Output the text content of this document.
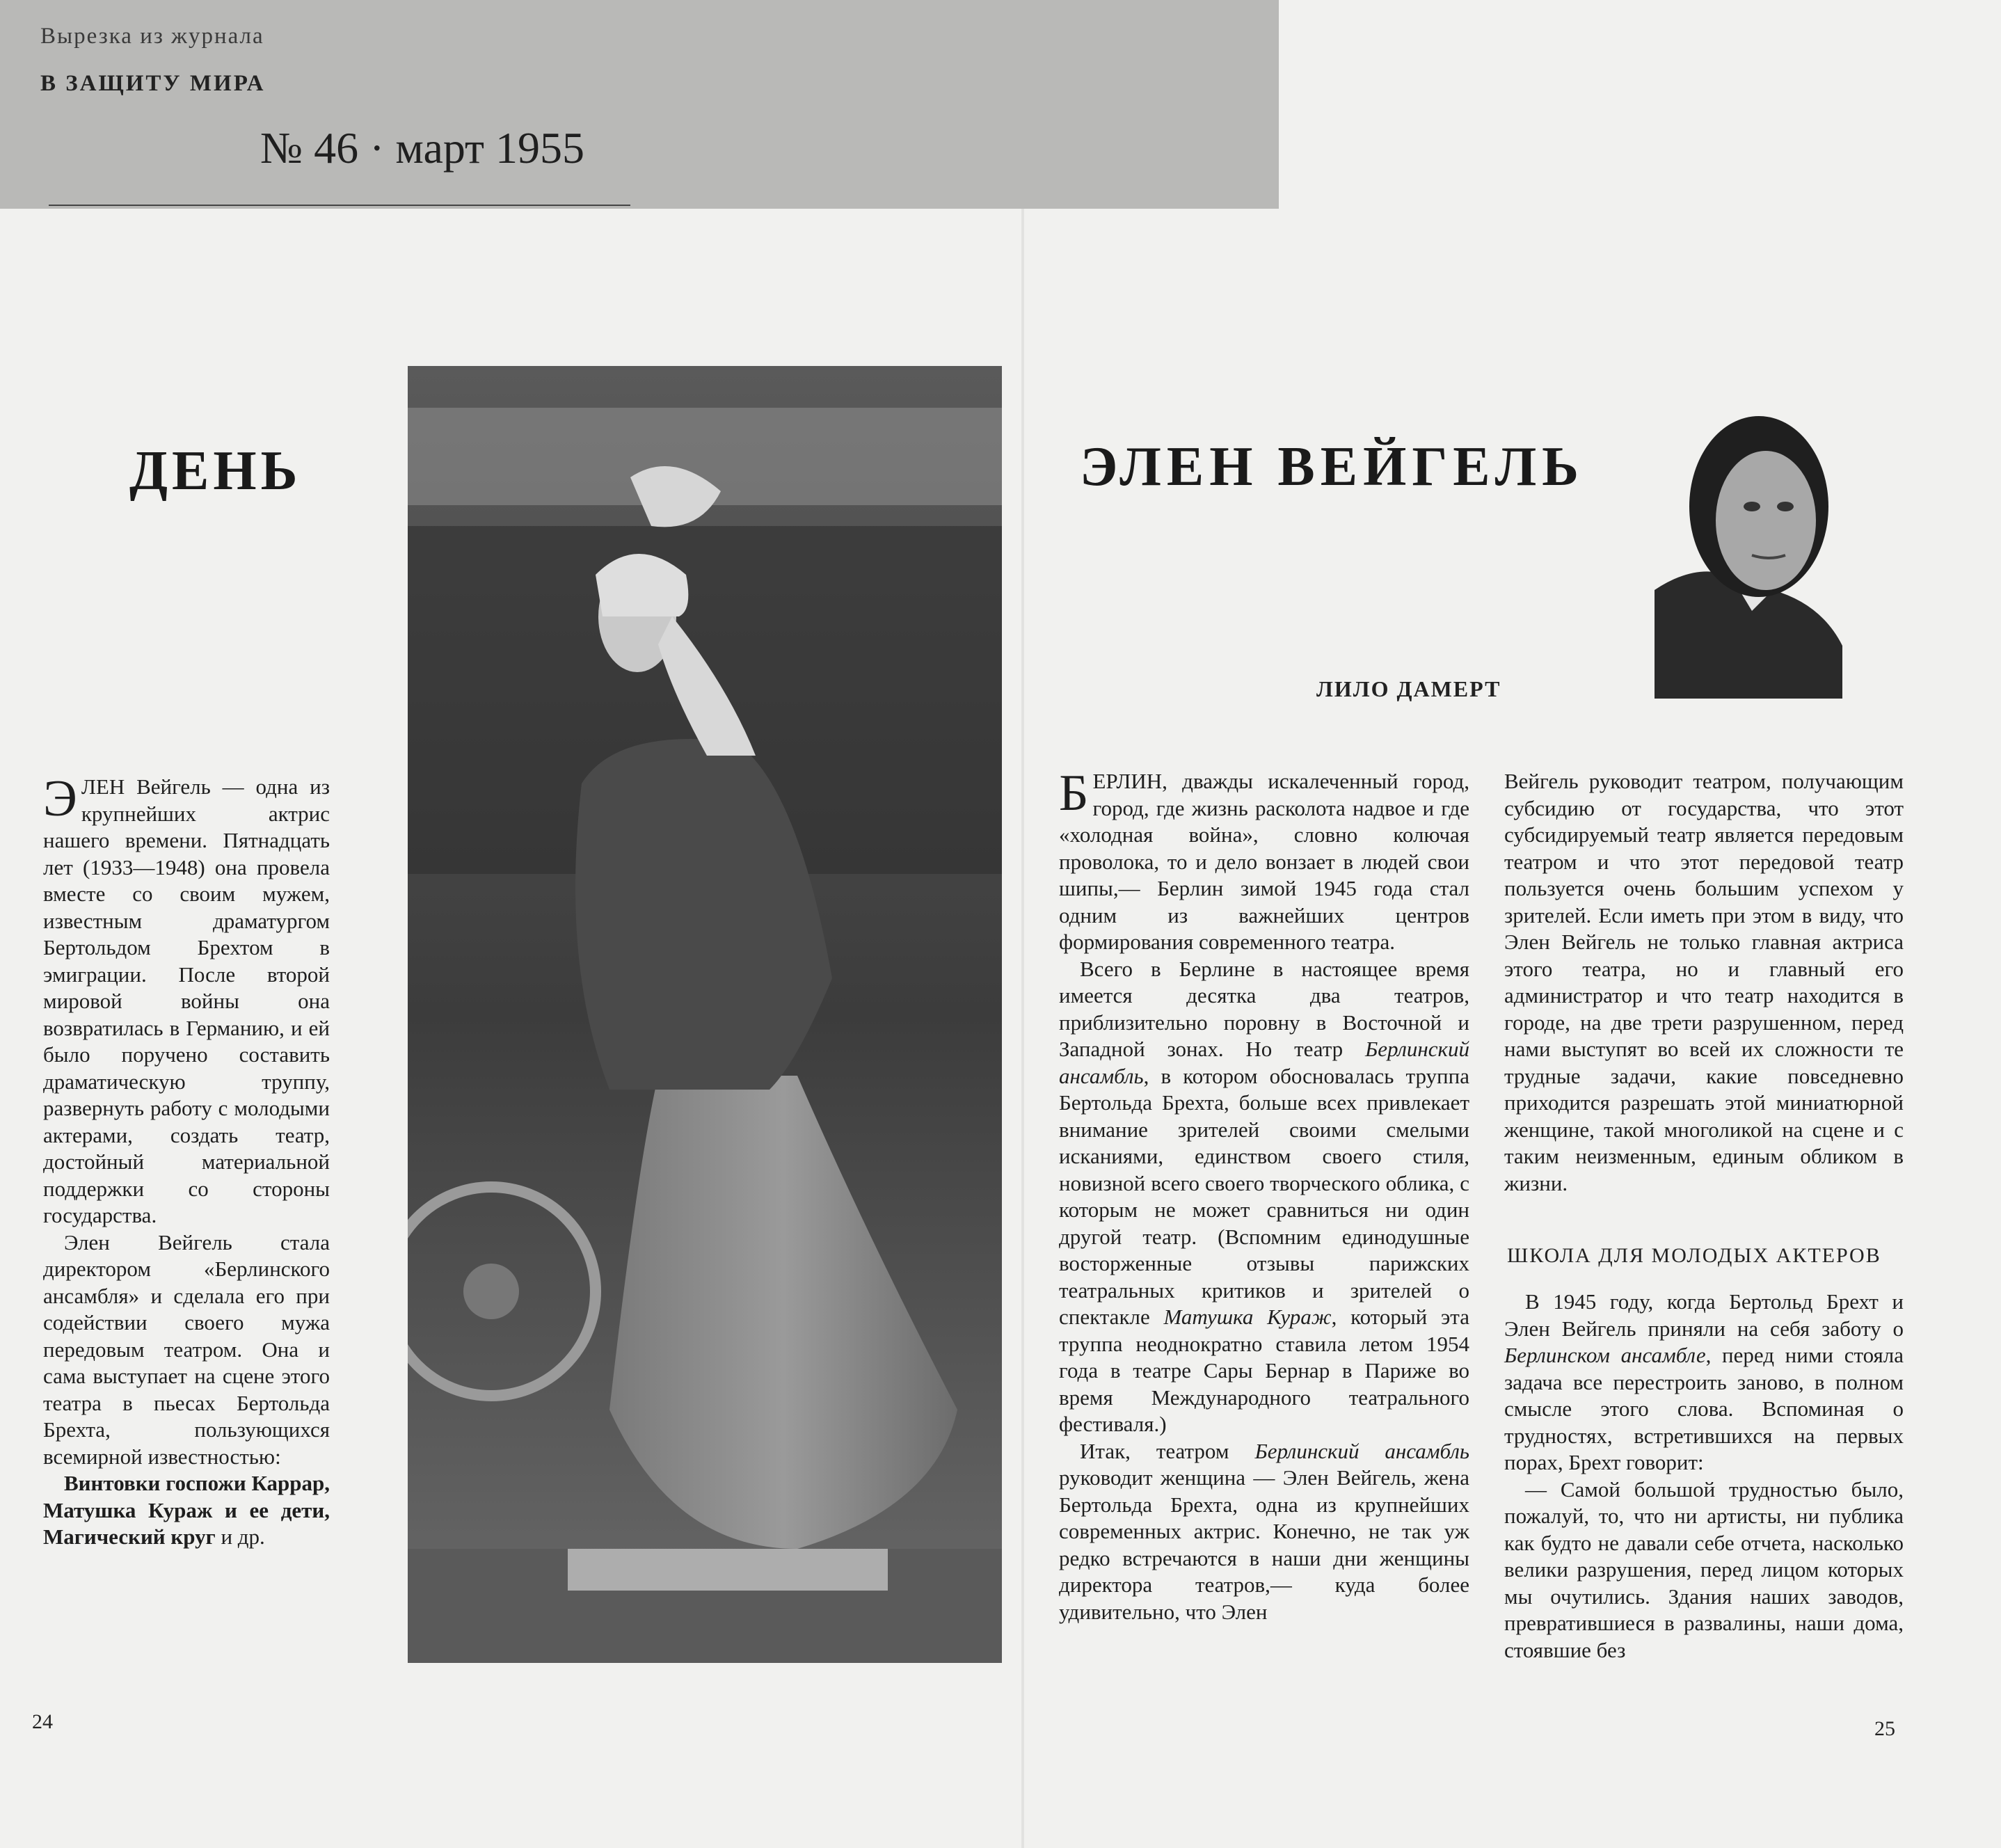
Вырезка из журнала
В ЗАЩИТУ МИРА
№ 46 · март 1955
ДЕНЬ

ЭЛЕН Вейгель — одна из крупнейших актрис нашего времени. Пятнадцать лет (1933—1948) она провела вместе со своим мужем, известным драматургом Бертольдом Брехтом в эмиграции. После второй мировой войны она возвратилась в Германию, и ей было поручено составить драматическую труппу, развернуть работу с молодыми актерами, создать театр, достойный материальной поддержки со стороны государства.

Элен Вейгель стала директором «Берлинского ансамбля» и сделала его при содействии своего мужа передовым театром. Она и сама выступает на сцене этого театра в пьесах Бертольда Брехта, пользующихся всемирной известностью:

Винтовки госпожи Каррар, Матушка Кураж и ее дети, Магический круг и др.

24
ЭЛЕН ВЕЙГЕЛЬ
ЛИЛО ДАМЕРТ

БЕРЛИН, дважды искалеченный город, город, где жизнь расколота надвое и где «холодная война», словно колючая проволока, то и дело вонзает в людей свои шипы,— Берлин зимой 1945 года стал одним из важнейших центров формирования современного театра.

Всего в Берлине в настоящее время имеется десятка два театров, приблизительно поровну в Восточной и Западной зонах. Но театр Берлинский ансамбль, в котором обосновалась труппа Бертольда Брехта, больше всех привлекает внимание зрителей своими смелыми исканиями, единством своего стиля, новизной всего своего творческого облика, с которым не может сравниться ни один другой театр. (Вспомним единодушные восторженные отзывы парижских театральных критиков и зрителей о спектакле Матушка Кураж, который эта труппа неоднократно ставила летом 1954 года в театре Сары Бернар в Париже во время Международного театрального фестиваля.)

Итак, театром Берлинский ансамбль руководит женщина — Элен Вейгель, жена Бертольда Брехта, одна из крупнейших современных актрис. Конечно, не так уж редко встречаются в наши дни женщины директора театров,— куда более удивительно, что Элен

Вейгель руководит театром, получающим субсидию от государства, что этот субсидируемый театр является передовым театром и что этот передовой театр пользуется очень большим успехом у зрителей. Если иметь при этом в виду, что Элен Вейгель не только главная актриса этого театра, но и главный его администратор и что театр находится в городе, на две трети разрушенном, перед нами выступят во всей их сложности те трудные задачи, какие повседневно приходится разрешать этой миниатюрной женщине, такой многоликой на сцене и с таким неизменным, единым обликом в жизни.

ШКОЛА ДЛЯ МОЛОДЫХ АКТЕРОВ

В 1945 году, когда Бертольд Брехт и Элен Вейгель приняли на себя заботу о Берлинском ансамбле, перед ними стояла задача все перестроить заново, в полном смысле этого слова. Вспоминая о трудностях, встретившихся на первых порах, Брехт говорит:

— Самой большой трудностью было, пожалуй, то, что ни артисты, ни публика как будто не давали себе отчета, насколько велики разрушения, перед лицом которых мы очутились. Здания наших заводов, превратившиеся в развалины, наши дома, стоявшие без

25
